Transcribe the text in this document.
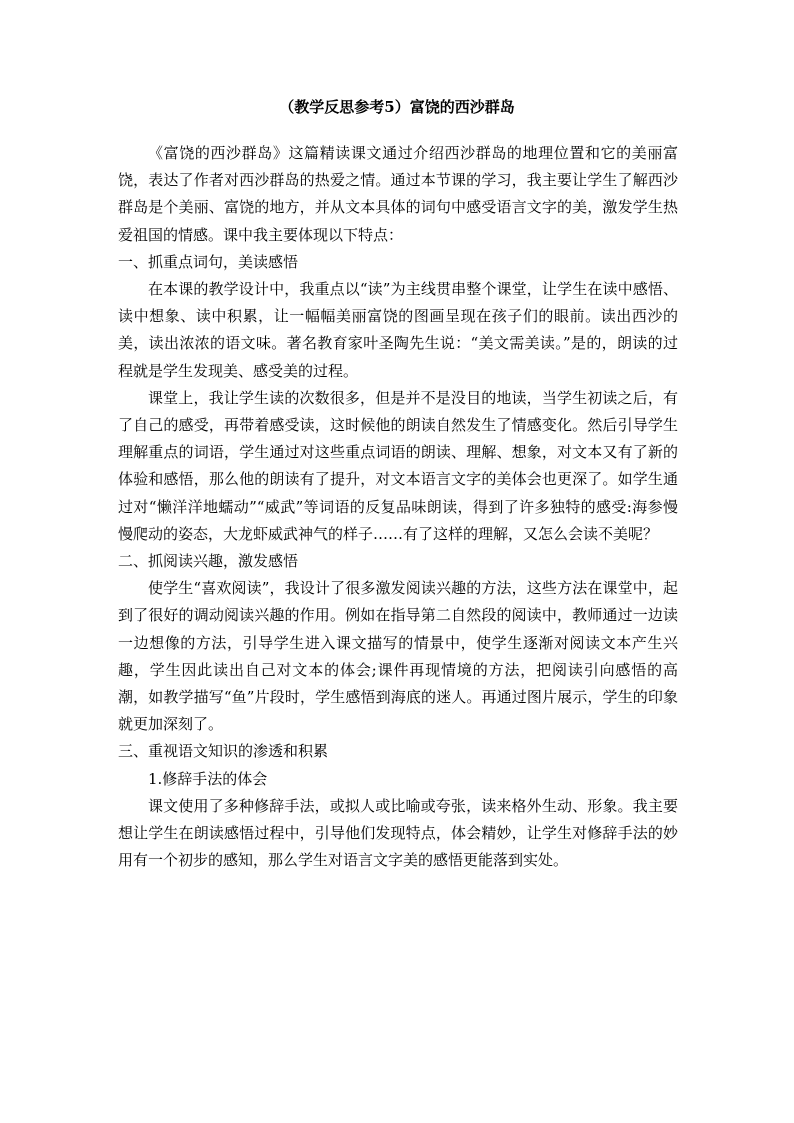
（教学反思参考5）富饶的西沙群岛

《富饶的西沙群岛》这篇精读课文通过介绍西沙群岛的地理位置和它的美丽富饶，表达了作者对西沙群岛的热爱之情。通过本节课的学习，我主要让学生了解西沙群岛是个美丽、富饶的地方，并从文本具体的词句中感受语言文字的美，激发学生热爱祖国的情感。课中我主要体现以下特点：

一、抓重点词句，美读感悟

在本课的教学设计中，我重点以“读”为主线贯串整个课堂，让学生在读中感悟、读中想象、读中积累，让一幅幅美丽富饶的图画呈现在孩子们的眼前。读出西沙的美，读出浓浓的语文味。著名教育家叶圣陶先生说：“美文需美读。”是的，朗读的过程就是学生发现美、感受美的过程。

课堂上，我让学生读的次数很多，但是并不是没目的地读，当学生初读之后，有了自己的感受，再带着感受读，这时候他的朗读自然发生了情感变化。然后引导学生理解重点的词语，学生通过对这些重点词语的朗读、理解、想象，对文本又有了新的体验和感悟，那么他的朗读有了提升，对文本语言文字的美体会也更深了。如学生通过对“懒洋洋地蠕动”“威武”等词语的反复品味朗读，得到了许多独特的感受:海参慢慢爬动的姿态，大龙虾威武神气的样子……有了这样的理解，又怎么会读不美呢？

二、抓阅读兴趣，激发感悟

使学生“喜欢阅读”，我设计了很多激发阅读兴趣的方法，这些方法在课堂中，起到了很好的调动阅读兴趣的作用。例如在指导第二自然段的阅读中，教师通过一边读一边想像的方法，引导学生进入课文描写的情景中，使学生逐渐对阅读文本产生兴趣，学生因此读出自己对文本的体会;课件再现情境的方法，把阅读引向感悟的高潮，如教学描写“鱼”片段时，学生感悟到海底的迷人。再通过图片展示，学生的印象就更加深刻了。

三、重视语文知识的渗透和积累

1.修辞手法的体会

课文使用了多种修辞手法，或拟人或比喻或夸张，读来格外生动、形象。我主要想让学生在朗读感悟过程中，引导他们发现特点，体会精妙，让学生对修辞手法的妙用有一个初步的感知，那么学生对语言文字美的感悟更能落到实处。
